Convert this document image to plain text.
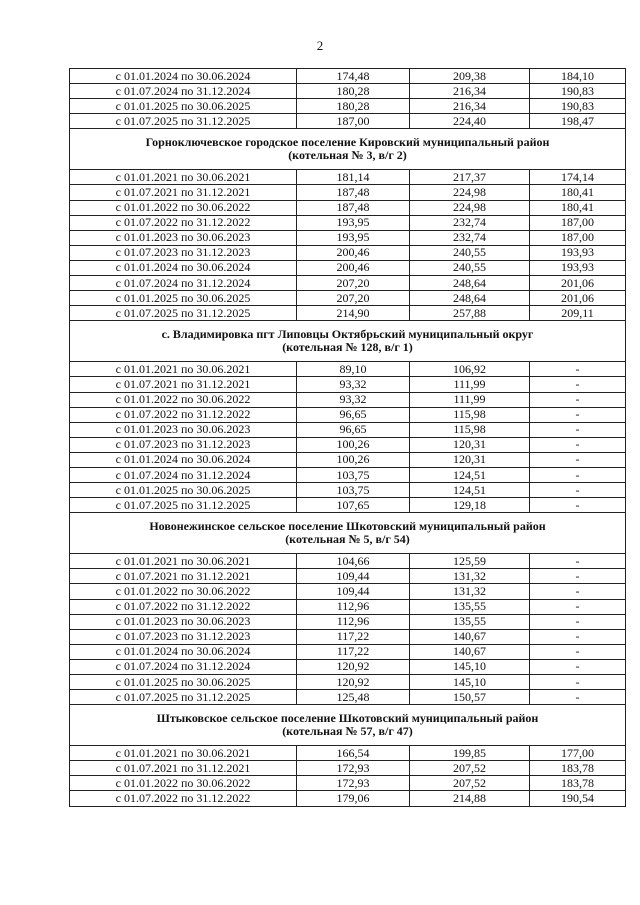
2
с 01.01.2024 по 30.06.2024	174,48	209,38	184,10
с 01.07.2024 по 31.12.2024	180,28	216,34	190,83
с 01.01.2025 по 30.06.2025	180,28	216,34	190,83
с 01.07.2025 по 31.12.2025	187,00	224,40	198,47

Горноключевское городское поселение Кировский муниципальный район
(котельная № 3, в/г 2)			

с 01.01.2021 по 30.06.2021	181,14	217,37	174,14
с 01.07.2021 по 31.12.2021	187,48	224,98	180,41
с 01.01.2022 по 30.06.2022	187,48	224,98	180,41
с 01.07.2022 по 31.12.2022	193,95	232,74	187,00
с 01.01.2023 по 30.06.2023	193,95	232,74	187,00
с 01.07.2023 по 31.12.2023	200,46	240,55	193,93
с 01.01.2024 по 30.06.2024	200,46	240,55	193,93
с 01.07.2024 по 31.12.2024	207,20	248,64	201,06
с 01.01.2025 по 30.06.2025	207,20	248,64	201,06
с 01.07.2025 по 31.12.2025	214,90	257,88	209,11

с. Владимировка пгт Липовцы Октябрьский муниципальный округ
(котельная № 128, в/г 1)			

с 01.01.2021 по 30.06.2021	89,10	106,92	-
с 01.07.2021 по 31.12.2021	93,32	111,99	-
с 01.01.2022 по 30.06.2022	93,32	111,99	-
с 01.07.2022 по 31.12.2022	96,65	115,98	-
с 01.01.2023 по 30.06.2023	96,65	115,98	-
с 01.07.2023 по 31.12.2023	100,26	120,31	-
с 01.01.2024 по 30.06.2024	100,26	120,31	-
с 01.07.2024 по 31.12.2024	103,75	124,51	-
с 01.01.2025 по 30.06.2025	103,75	124,51	-
с 01.07.2025 по 31.12.2025	107,65	129,18	-

Новонежинское сельское поселение Шкотовский муниципальный район
(котельная № 5, в/г 54)			

с 01.01.2021 по 30.06.2021	104,66	125,59	-
с 01.07.2021 по 31.12.2021	109,44	131,32	-
с 01.01.2022 по 30.06.2022	109,44	131,32	-
с 01.07.2022 по 31.12.2022	112,96	135,55	-
с 01.01.2023 по 30.06.2023	112,96	135,55	-
с 01.07.2023 по 31.12.2023	117,22	140,67	-
с 01.01.2024 по 30.06.2024	117,22	140,67	-
с 01.07.2024 по 31.12.2024	120,92	145,10	-
с 01.01.2025 по 30.06.2025	120,92	145,10	-
с 01.07.2025 по 31.12.2025	125,48	150,57	-

Штыковское сельское поселение Шкотовский муниципальный район
(котельная № 57, в/г 47)			

с 01.01.2021 по 30.06.2021	166,54	199,85	177,00
с 01.07.2021 по 31.12.2021	172,93	207,52	183,78
с 01.01.2022 по 30.06.2022	172,93	207,52	183,78
с 01.07.2022 по 31.12.2022	179,06	214,88	190,54
